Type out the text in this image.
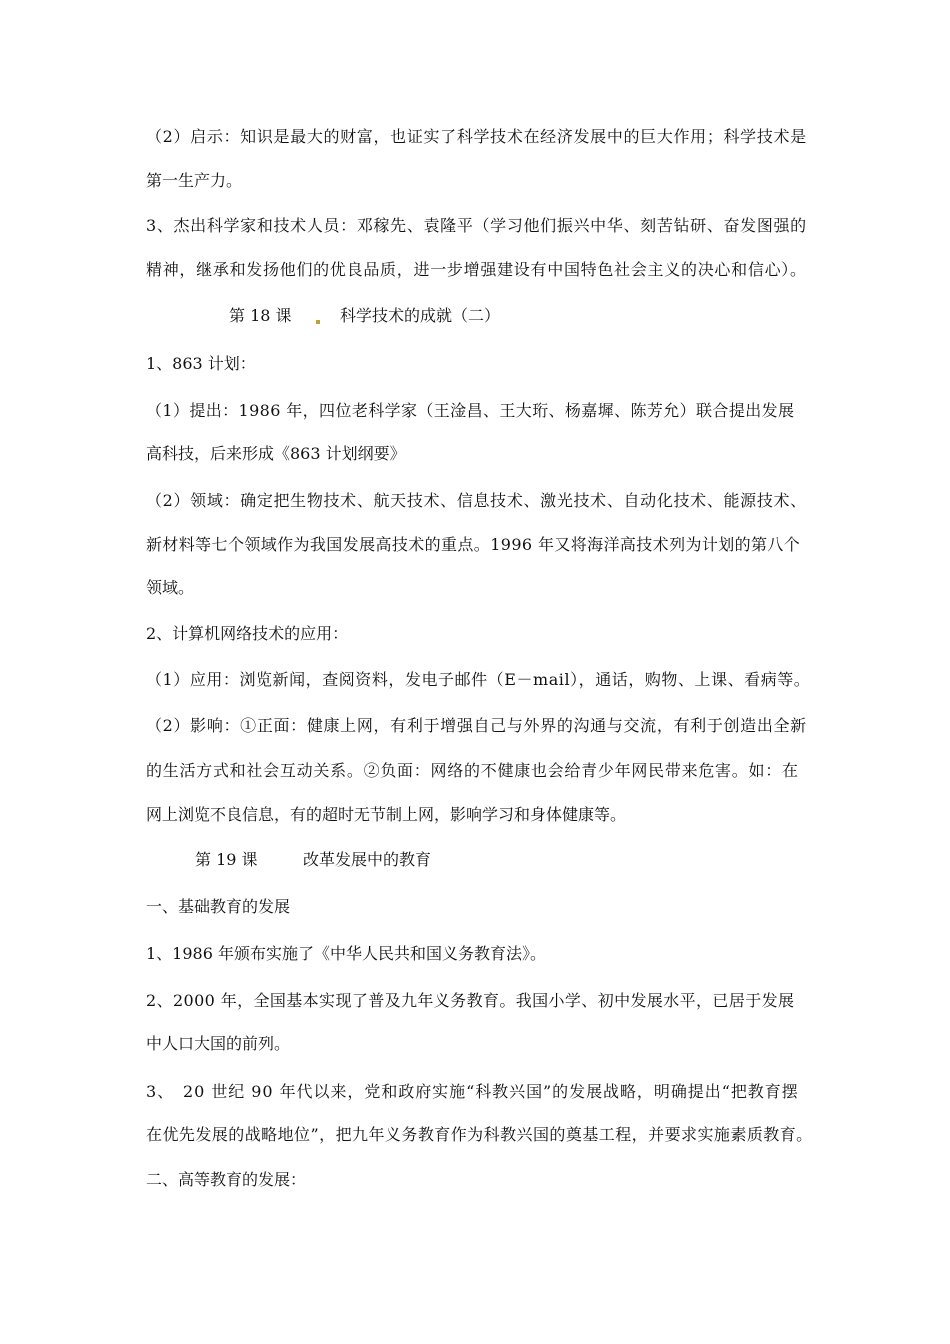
（2）启示：知识是最大的财富，也证实了科学技术在经济发展中的巨大作用；科学技术是
第一生产力。
3、杰出科学家和技术人员：邓稼先、袁隆平（学习他们振兴中华、刻苦钻研、奋发图强的
精神，继承和发扬他们的优良品质，进一步增强建设有中国特色社会主义的决心和信心）。
第 18 课	科学技术的成就（二）
1、863 计划：
（1）提出：1986 年，四位老科学家（王淦昌、王大珩、杨嘉墀、陈芳允）联合提出发展
高科技，后来形成《863 计划纲要》
（2）领域：确定把生物技术、航天技术、信息技术、激光技术、自动化技术、能源技术、
新材料等七个领域作为我国发展高技术的重点。1996 年又将海洋高技术列为计划的第八个
领域。
2、计算机网络技术的应用：
（1）应用：浏览新闻，查阅资料，发电子邮件（E－mail），通话，购物、上课、看病等。
（2）影响：①正面：健康上网，有利于增强自己与外界的沟通与交流，有利于创造出全新
的生活方式和社会互动关系。②负面：网络的不健康也会给青少年网民带来危害。如：在
网上浏览不良信息，有的超时无节制上网，影响学习和身体健康等。
第 19 课	改革发展中的教育
一、基础教育的发展
1、1986 年颁布实施了《中华人民共和国义务教育法》。
2、2000 年，全国基本实现了普及九年义务教育。我国小学、初中发展水平，已居于发展
中人口大国的前列。
3、　20 世纪 90 年代以来，党和政府实施“科教兴国”的发展战略，明确提出“把教育摆
在优先发展的战略地位”，把九年义务教育作为科教兴国的奠基工程，并要求实施素质教育。
二、高等教育的发展：
